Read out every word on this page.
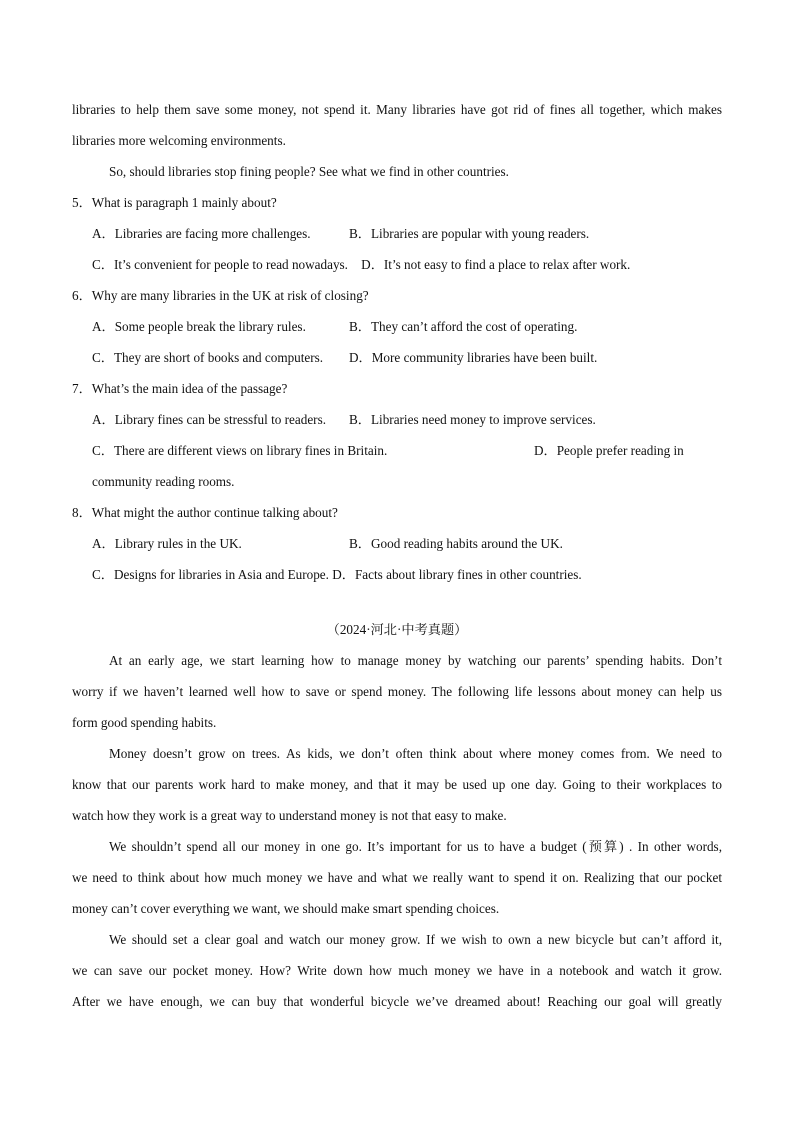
libraries to help them save some money, not spend it. Many libraries have got rid of fines all together, which makes
libraries more welcoming environments.
So, should libraries stop fining people? See what we find in other countries.
5．What is paragraph 1 mainly about?
A．Libraries are facing more challenges.	B．Libraries are popular with young readers.
C．It’s convenient for people to read nowadays. D．It’s not easy to find a place to relax after work.
6．Why are many libraries in the UK at risk of closing?
A．Some people break the library rules.	B．They can’t afford the cost of operating.
C．They are short of books and computers. D．More community libraries have been built.
7．What’s the main idea of the passage?
A．Library fines can be stressful to readers. B．Libraries need money to improve services.
C．There are different views on library fines in Britain.	D．People prefer reading in
community reading rooms.
8．What might the author continue talking about?
A．Library rules in the UK.	B．Good reading habits around the UK.
C．Designs for libraries in Asia and Europe. D．Facts about library fines in other countries.
（2024·河北·中考真题）
At an early age, we start learning how to manage money by watching our parents’ spending habits. Don’t
worry if we haven’t learned well how to save or spend money. The following life lessons about money can help us
form good spending habits.
Money doesn’t grow on trees. As kids, we don’t often think about where money comes from. We need to
know that our parents work hard to make money, and that it may be used up one day. Going to their workplaces to
watch how they work is a great way to understand money is not that easy to make.
We shouldn’t spend all our money in one go. It’s important for us to have a budget (预算) . In other words,
we need to think about how much money we have and what we really want to spend it on. Realizing that our pocket
money can’t cover everything we want, we should make smart spending choices.
We should set a clear goal and watch our money grow. If we wish to own a new bicycle but can’t afford it,
we can save our pocket money. How? Write down how much money we have in a notebook and watch it grow.
After we have enough, we can buy that wonderful bicycle we’ve dreamed about! Reaching our goal will greatly
